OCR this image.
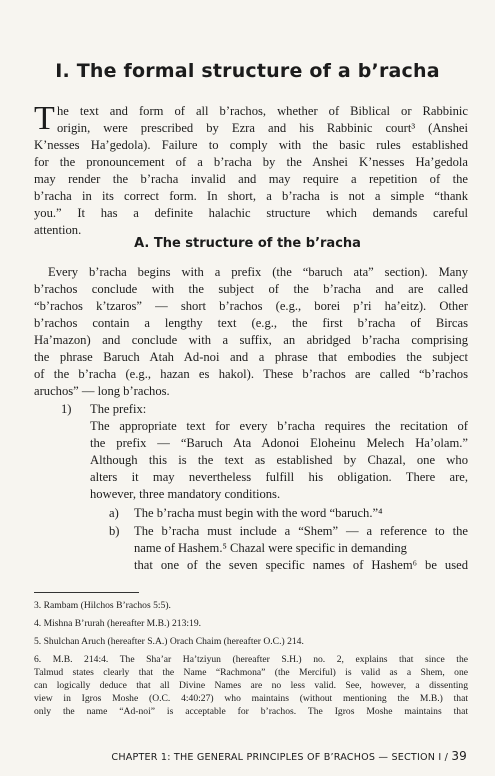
I. The formal structure of a b’racha
T he text and form of all b’rachos, whether of Biblical or Rabbinic
origin, were prescribed by Ezra and his Rabbinic court³ (Anshei
K’nesses Ha’gedola). Failure to comply with the basic rules established
for the pronouncement of a b’racha by the Anshei K’nesses Ha’gedola
may render the b’racha invalid and may require a repetition of the
b’racha in its correct form. In short, a b’racha is not a simple “thank
you.” It has a definite halachic structure which demands careful
attention.
A. The structure of the b’racha
Every b’racha begins with a prefix (the “baruch ata” section). Many
b’rachos conclude with the subject of the b’racha and are called
“b’rachos k’tzaros” — short b’rachos (e.g., borei p’ri ha’eitz). Other
b’rachos contain a lengthy text (e.g., the first b’racha of Bircas
Ha’mazon) and conclude with a suffix, an abridged b’racha comprising
the phrase Baruch Atah Ad-noi and a phrase that embodies the subject
of the b’racha (e.g., hazan es hakol). These b’rachos are called “b’rachos
aruchos” — long b’rachos.
1) The prefix:
The appropriate text for every b’racha requires the recitation of
the prefix — “Baruch Ata Adonoi Eloheinu Melech Ha’olam.”
Although this is the text as established by Chazal, one who
alters it may nevertheless fulfill his obligation. There are,
however, three mandatory conditions.
a) The b’racha must begin with the word “baruch.”⁴
b) The b’racha must include a “Shem” — a reference to the
name of Hashem.⁵ Chazal were specific in demanding
that one of the seven specific names of Hashem⁶ be used
3. Rambam (Hilchos B’rachos 5:5).
4. Mishna B’rurah (hereafter M.B.) 213:19.
5. Shulchan Aruch (hereafter S.A.) Orach Chaim (hereafter O.C.) 214.
6. M.B. 214:4. The Sha’ar Ha’tziyun (hereafter S.H.) no. 2, explains that since the
Talmud states clearly that the Name “Rachmona” (the Merciful) is valid as a Shem, one
can logically deduce that all Divine Names are no less valid. See, however, a dissenting
view in Igros Moshe (O.C. 4:40:27) who maintains (without mentioning the M.B.) that
only the name “Ad-noi” is acceptable for b’rachos. The Igros Moshe maintains that
CHAPTER 1: THE GENERAL PRINCIPLES OF B’RACHOS — SECTION I / 39
